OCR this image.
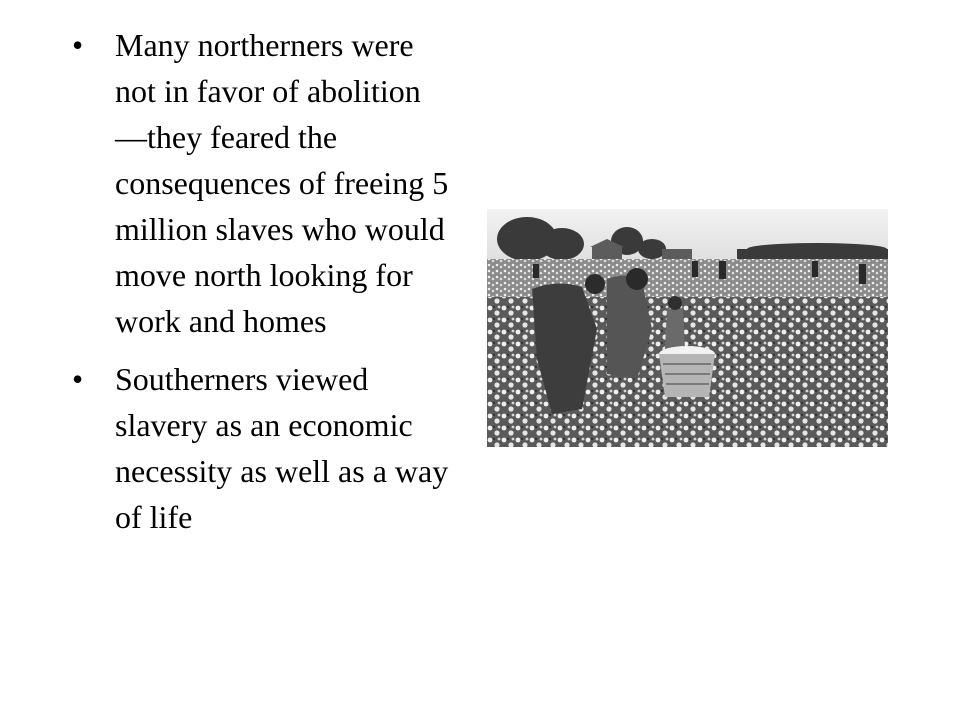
• Many northerners were not in favor of abolition—they feared the consequences of freeing 5 million slaves who would move north looking for work and homes
• Southerners viewed slavery as an economic necessity as well as a way of life
